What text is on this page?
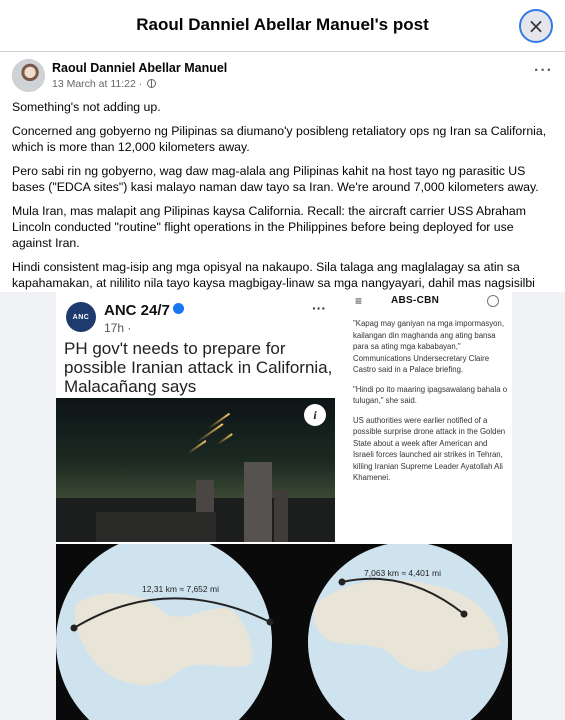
Raoul Danniel Abellar Manuel's post	×
Raoul Danniel Abellar Manuel
13 March at 11:22 ·
···

Something's not adding up.

Concerned ang gobyerno ng Pilipinas sa diumano'y posibleng retaliatory ops ng Iran sa California, which is more than 12,000 kilometers away.

Pero sabi rin ng gobyerno, wag daw mag-alala ang Pilipinas kahit na host tayo ng parasitic US bases ("EDCA sites") kasi malayo naman daw tayo sa Iran. We're around 7,000 kilometers away.

Mula Iran, mas malapit ang Pilipinas kaysa California. Recall: the aircraft carrier USS Abraham Lincoln conducted "routine" flight operations in the Philippines before being deployed for use against Iran.

Hindi consistent mag-isip ang mga opisyal na nakaupo. Sila talaga ang maglalagay sa atin sa kapahamakan, at nililito nila tayo kaysa magbigay-linaw sa mga nangyayari, dahil mas nagsisilbi

ANC ANC 24/7
17h ·
···
PH gov't needs to prepare for possible Iranian attack in California, Malacañang says
i
≡	ABS-CBN

"Kapag may ganiyan na mga impormasyon, kailangan din maghanda ang ating bansa para sa ating mga kababayan," Communications Undersecretary Claire Castro said in a Palace briefing.

"Hindi po ito maaring ipagsawalang bahala o tulugan," she said.

US authorities were earlier notified of a possible surprise drone attack in the Golden State about a week after American and Israeli forces launched air strikes in Tehran, killing Iranian Supreme Leader Ayatollah Ali Khamenei.

12,31 km ≈ 7,652 mi
7,063 km ≈ 4,401 mi
